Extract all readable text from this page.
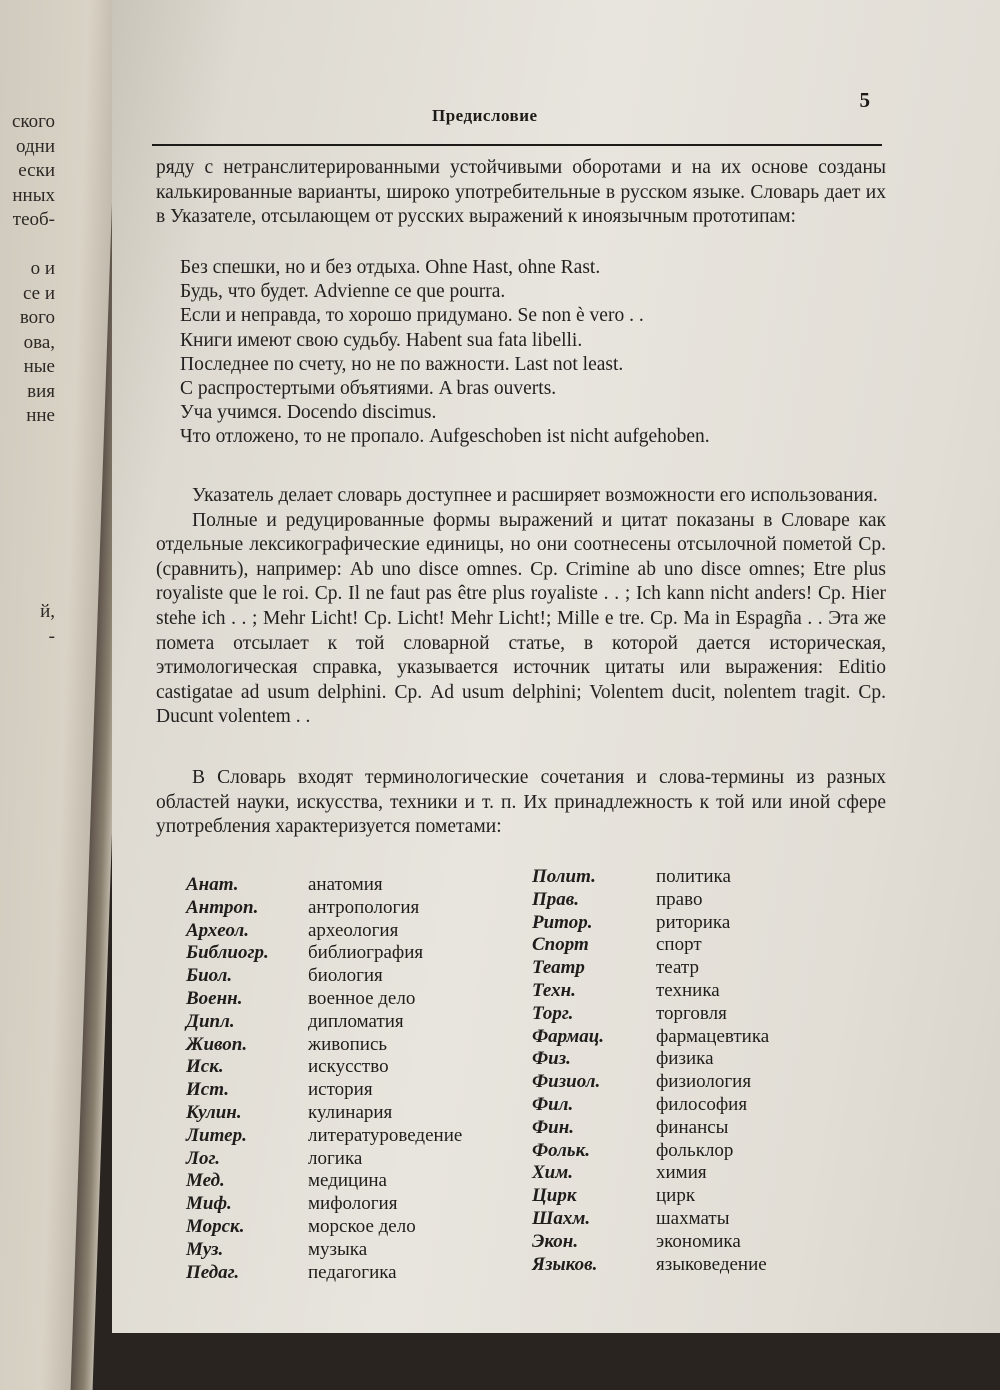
ского
одни
ески
нных
теоб-

о и
се и
вого
ова,
ные
вия
нне

й,
-

Предисловие
5

ряду с нетранслитерированными устойчивыми оборотами и на их основе созданы калькированные варианты, широко употребительные в русском языке. Словарь дает их в Указателе, отсылающем от русских выражений к иноязычным прототипам:

Без спешки, но и без отдыха. Ohne Hast, ohne Rast.
Будь, что будет. Advienne ce que pourra.
Если и неправда, то хорошо придумано. Se non è vero . .
Книги имеют свою судьбу. Habent sua fata libelli.
Последнее по счету, но не по важности. Last not least.
С распростертыми объятиями. A bras ouverts.
Уча учимся. Docendo discimus.
Что отложено, то не пропало. Aufgeschoben ist nicht aufgehoben.

Указатель делает словарь доступнее и расширяет возможности его использования.

Полные и редуцированные формы выражений и цитат показаны в Словаре как отдельные лексикографические единицы, но они соотнесены отсылочной пометой Ср. (сравнить), например: Ab uno disce omnes. Ср. Crimine ab uno disce omnes; Etre plus royaliste que le roi. Ср. Il ne faut pas être plus royaliste . . ; Ich kann nicht anders! Ср. Hier stehe ich . . ; Mehr Licht! Ср. Licht! Mehr Licht!; Mille e tre. Ср. Ma in Espagña . . Эта же помета отсылает к той словарной статье, в которой дается историческая, этимологическая справка, указывается источник цитаты или выражения: Editio castigatae ad usum delphini. Ср. Ad usum delphini; Volentem ducit, nolentem tragit. Ср. Ducunt volentem . .

В Словарь входят терминологические сочетания и слова-термины из разных областей науки, искусства, техники и т. п. Их принадлежность к той или иной сфере употребления характеризуется пометами:

Анат.	анатомия
Антроп.	антропология
Археол.	археология
Библиогр.	библиография
Биол.	биология
Военн.	военное дело
Дипл.	дипломатия
Живоп.	живопись
Иск.	искусство
Ист.	история
Кулин.	кулинария
Литер.	литературоведение
Лог.	логика
Мед.	медицина
Миф.	мифология
Морск.	морское дело
Муз.	музыка
Педаг.	педагогика
Полит.	политика
Прав.	право
Ритор.	риторика
Спорт	спорт
Театр	театр
Техн.	техника
Торг.	торговля
Фармац.	фармацевтика
Физ.	физика
Физиол.	физиология
Фил.	философия
Фин.	финансы
Фольк.	фольклор
Хим.	химия
Цирк	цирк
Шахм.	шахматы
Экон.	экономика
Языков.	языковедение
